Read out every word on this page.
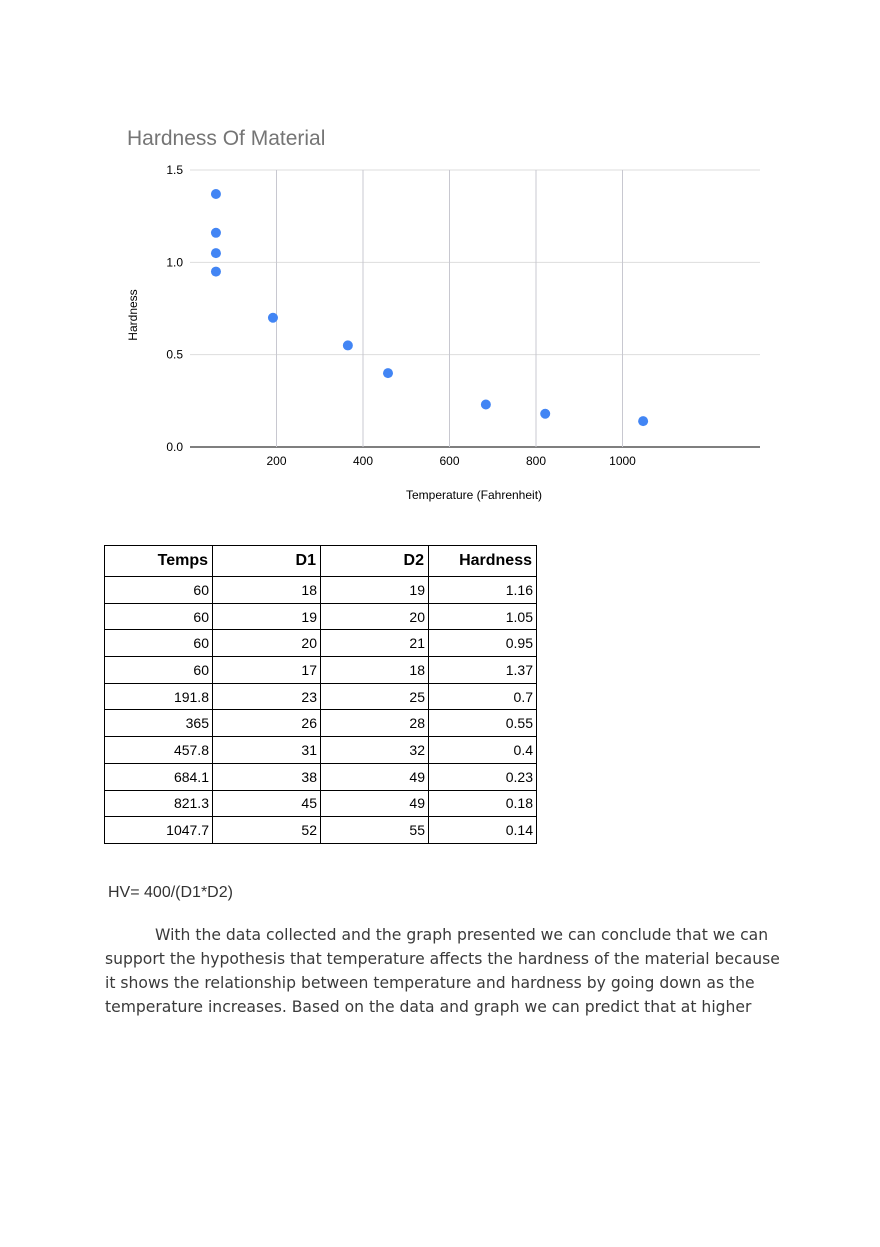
Hardness Of Material
0.0
0.5
1.0
1.5
200	400	600	800	1000
Hardness
Temperature (Fahrenheit)
Temps	D1	D2	Hardness
60	18	19	1.16
60	19	20	1.05
60	20	21	0.95
60	17	18	1.37
191.8	23	25	0.7
365	26	28	0.55
457.8	31	32	0.4
684.1	38	49	0.23
821.3	45	49	0.18
1047.7	52	55	0.14
HV= 400/(D1*D2)

With the data collected and the graph presented we can conclude that we can support the hypothesis that temperature affects the hardness of the material because it shows the relationship between temperature and hardness by going down as the temperature increases. Based on the data and graph we can predict that at higher
